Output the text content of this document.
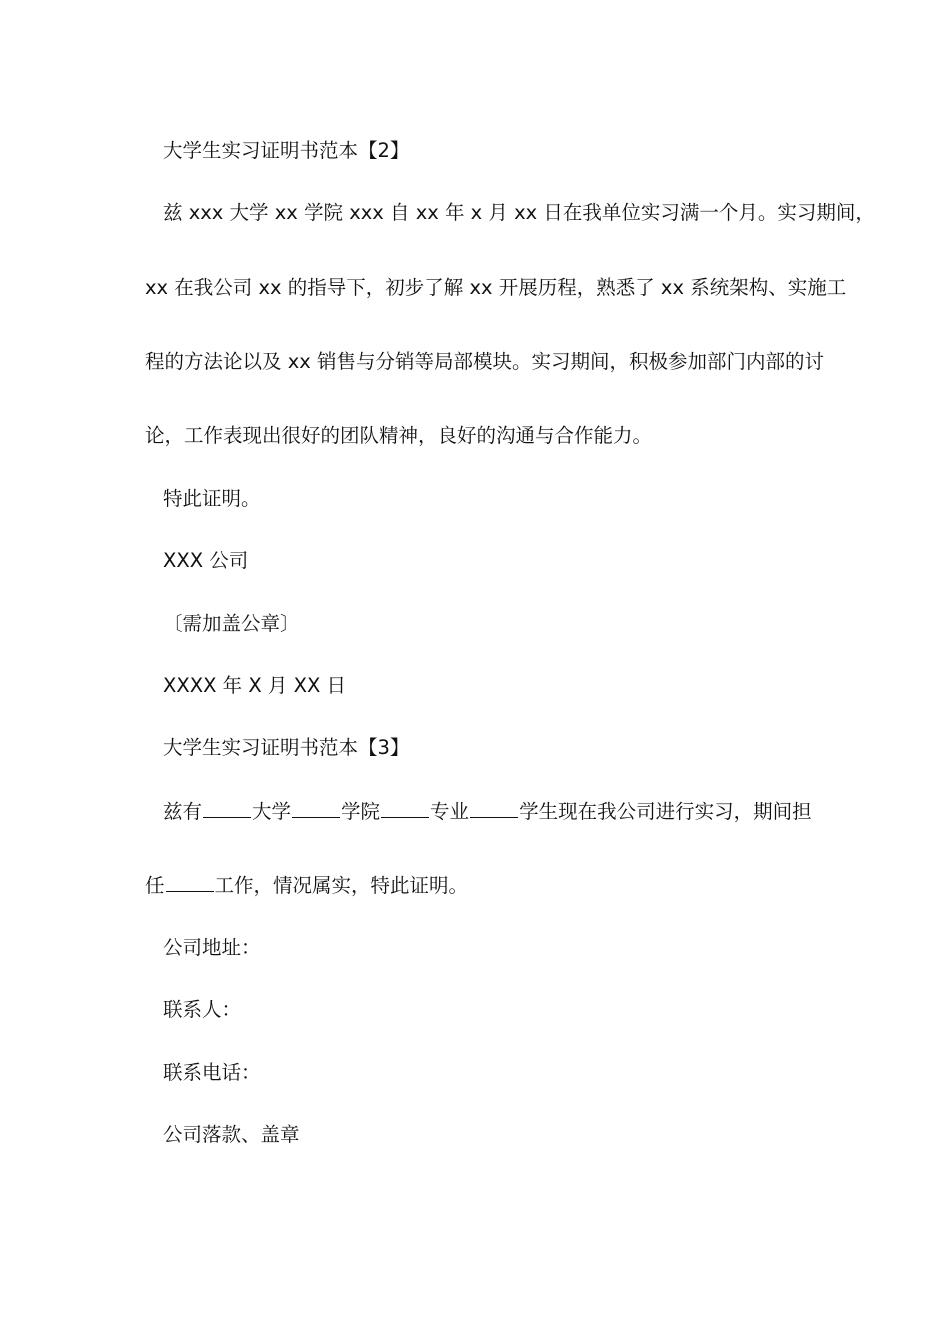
大学生实习证明书范本【2】
兹 xxx 大学 xx 学院 xxx 自 xx 年 x 月 xx 日在我单位实习满一个月。实习期间，
xx 在我公司 xx 的指导下，初步了解 xx 开展历程，熟悉了 xx 系统架构、实施工
程的方法论以及 xx 销售与分销等局部模块。实习期间，积极参加部门内部的讨
论，工作表现出很好的团队精神，良好的沟通与合作能力。
特此证明。
XXX 公司
〔需加盖公章〕
XXXX 年 X 月 XX 日
大学生实习证明书范本【3】
兹有	大学	学院	专业	学生现在我公司进行实习，期间担
任	工作，情况属实，特此证明。
公司地址：
联系人：
联系电话：
公司落款、盖章
